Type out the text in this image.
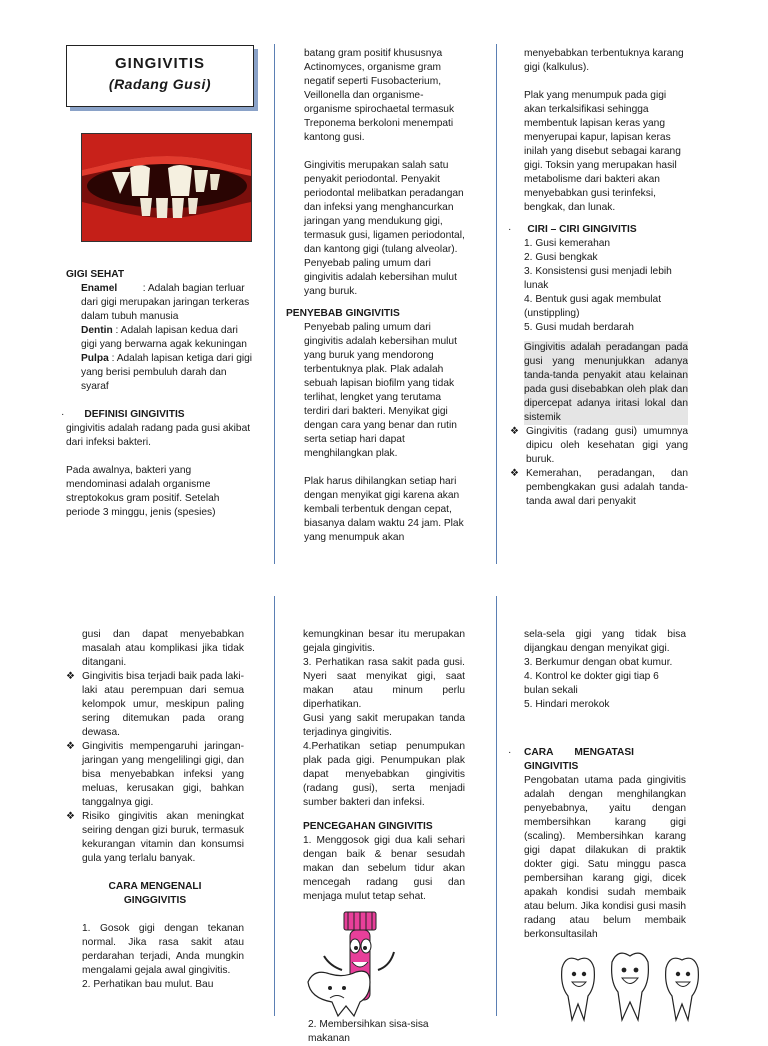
GINGIVITIS
(Radang Gusi)

GIGI SEHAT

Enamel : Adalah bagian terluar dari gigi merupakan jaringan terkeras dalam tubuh manusia

Dentin : Adalah lapisan kedua dari gigi yang berwarna agak kekuningan

Pulpa : Adalah lapisan ketiga dari gigi yang berisi pembuluh darah dan syaraf

· DEFINISI GINGIVITIS

gingivitis adalah radang pada gusi akibat dari infeksi bakteri.

Pada awalnya, bakteri yang mendominasi adalah organisme streptokokus gram positif. Setelah periode 3 minggu, jenis (spesies)

batang gram positif khususnya Actinomyces, organisme gram negatif seperti Fusobacterium, Veillonella dan organisme-organisme spirochaetal termasuk Treponema berkoloni menempati kantong gusi.

Gingivitis merupakan salah satu penyakit periodontal. Penyakit periodontal melibatkan peradangan dan infeksi yang menghancurkan jaringan yang mendukung gigi, termasuk gusi, ligamen periodontal, dan kantong gigi (tulang alveolar). Penyebab paling umum dari gingivitis adalah kebersihan mulut yang buruk.

PENYEBAB GINGIVITIS

Penyebab paling umum dari gingivitis adalah kebersihan mulut yang buruk yang mendorong terbentuknya plak. Plak adalah sebuah lapisan biofilm yang tidak terlihat, lengket yang terutama terdiri dari bakteri. Menyikat gigi dengan cara yang benar dan rutin serta setiap hari dapat menghilangkan plak.

Plak harus dihilangkan setiap hari dengan menyikat gigi karena akan kembali terbentuk dengan cepat, biasanya dalam waktu 24 jam. Plak yang menumpuk akan

menyebabkan terbentuknya karang gigi (kalkulus).

Plak yang menumpuk pada gigi akan terkalsifikasi sehingga membentuk lapisan keras yang menyerupai kapur, lapisan keras inilah yang disebut sebagai karang gigi. Toksin yang merupakan hasil metabolisme dari bakteri akan menyebabkan gusi terinfeksi, bengkak, dan lunak.

· CIRI – CIRI GINGIVITIS

1. Gusi kemerahan

2. Gusi bengkak

3. Konsistensi gusi menjadi lebih lunak

4. Bentuk gusi agak membulat (unstippling)

5. Gusi mudah berdarah

Gingivitis adalah peradangan pada gusi yang menunjukkan adanya tanda-tanda penyakit atau kelainan pada gusi disebabkan oleh plak dan dipercepat adanya iritasi lokal dan sistemik

❖ Gingivitis (radang gusi) umumnya dipicu oleh kesehatan gigi yang buruk.

❖ Kemerahan, peradangan, dan pembengkakan gusi adalah tanda-tanda awal dari penyakit

gusi dan dapat menyebabkan masalah atau komplikasi jika tidak ditangani.

❖ Gingivitis bisa terjadi baik pada laki-laki atau perempuan dari semua kelompok umur, meskipun paling sering ditemukan pada orang dewasa.

❖ Gingivitis mempengaruhi jaringan-jaringan yang mengelilingi gigi, dan bisa menyebabkan infeksi yang meluas, kerusakan gigi, bahkan tanggalnya gigi.

❖ Risiko gingivitis akan meningkat seiring dengan gizi buruk, termasuk kekurangan vitamin dan konsumsi gula yang terlalu banyak.

CARA MENGENALI GINGGIVITIS

1. Gosok gigi dengan tekanan normal. Jika rasa sakit atau perdarahan terjadi, Anda mungkin mengalami gejala awal gingivitis.

2. Perhatikan bau mulut. Bau

kemungkinan besar itu merupakan gejala gingivitis.

3. Perhatikan rasa sakit pada gusi. Nyeri saat menyikat gigi, saat makan atau minum perlu diperhatikan.

Gusi yang sakit merupakan tanda terjadinya gingivitis.

4.Perhatikan setiap penumpukan plak pada gigi. Penumpukan plak dapat menyebabkan gingivitis (radang gusi), serta menjadi sumber bakteri dan infeksi.

PENCEGAHAN GINGIVITIS

1. Menggosok gigi dua kali sehari dengan baik & benar sesudah makan dan sebelum tidur akan mencegah radang gusi dan menjaga mulut tetap sehat.

2. Membersihkan sisa-sisa makanan

sela-sela gigi yang tidak bisa dijangkau dengan menyikat gigi.

3. Berkumur dengan obat kumur.

4. Kontrol ke dokter gigi tiap 6 bulan sekali

5. Hindari merokok

· CARA MENGATASI GINGIVITIS

Pengobatan utama pada gingivitis adalah dengan menghilangkan penyebabnya, yaitu dengan membersihkan karang gigi (scaling). Membersihkan karang gigi dapat dilakukan di praktik dokter gigi. Satu minggu pasca pembersihan karang gigi, dicek apakah kondisi sudah membaik atau belum. Jika kondisi gusi masih radang atau belum membaik berkonsultasilah
